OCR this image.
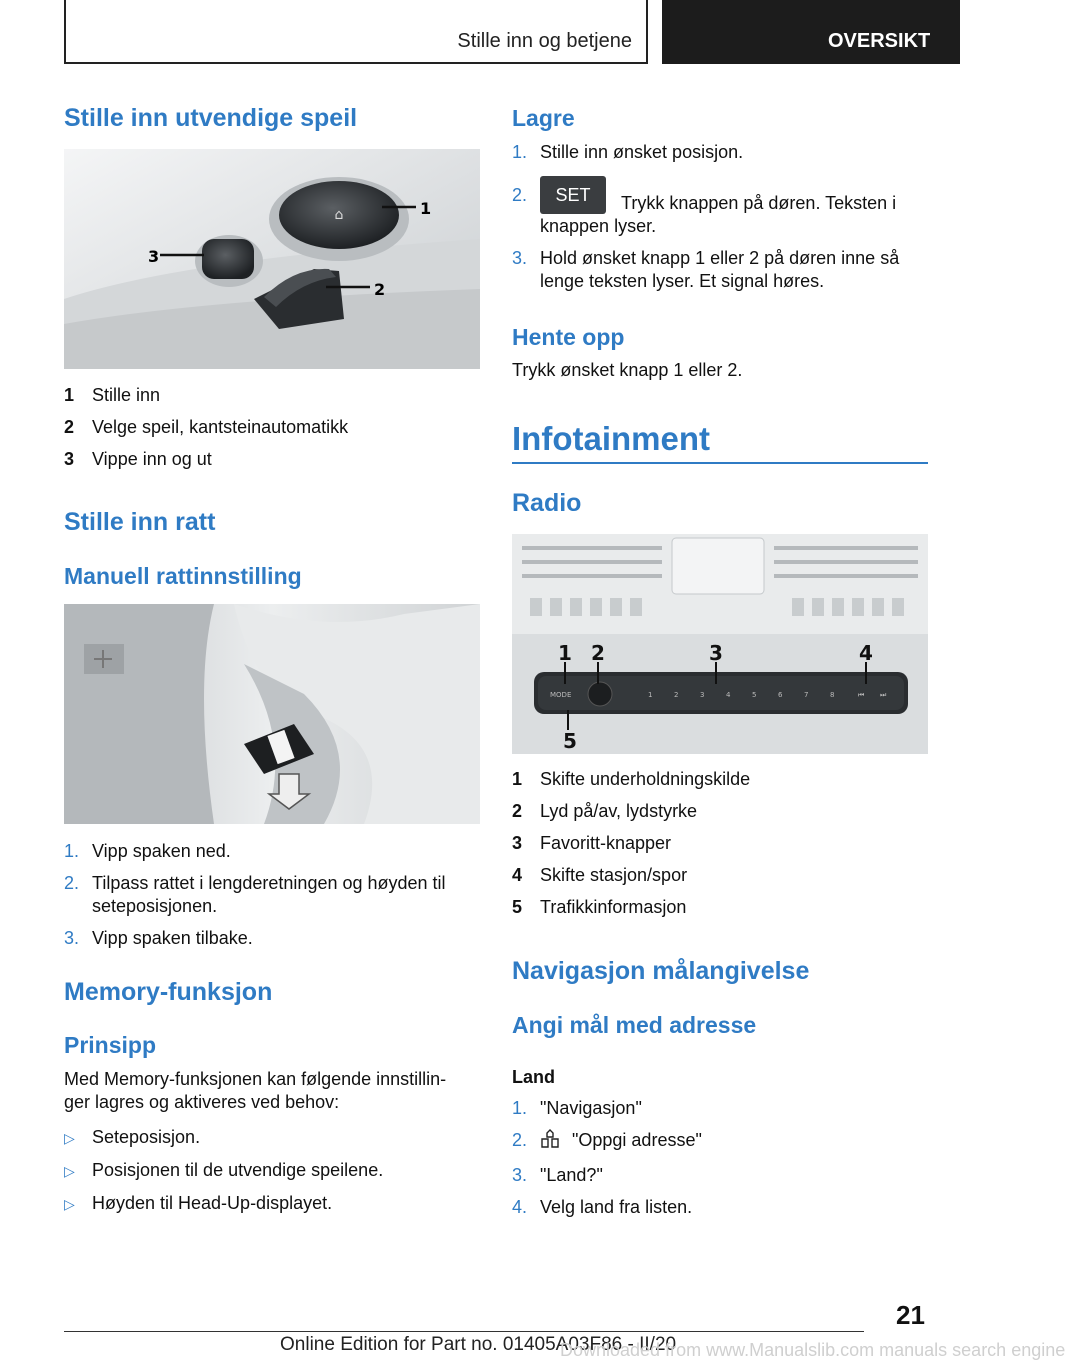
Stille inn og betjene	OVERSIKT
Stille inn utvendige speil
⌂	1
2
3
1 Stille inn
2 Velge speil, kantsteinautomatikk
3 Vippe inn og ut
Stille inn ratt
Manuell rattinnstilling
1. Vipp spaken ned.
2. Tilpass rattet i lengderetningen og høyden til
seteposisjonen.
3. Vipp spaken tilbake.
Memory-funksjon
Prinsipp
Med Memory-funksjonen kan følgende innstillin-
ger lagres og aktiveres ved behov:
▷ Seteposisjon.
▷ Posisjonen til de utvendige speilene.
▷ Høyden til Head-Up-displayet.
Lagre
1. Stille inn ønsket posisjon.
2. SET Trykk knappen på døren. Teksten i
knappen lyser.
3. Hold ønsket knapp 1 eller 2 på døren inne så
lenge teksten lyser. Et signal høres.
Hente opp
Trykk ønsket knapp 1 eller 2.
Infotainment
Radio
MODE	1	2	3	4	5	6	7	8	⏮ ⏭
1 2	3	4
5
1 Skifte underholdningskilde
2 Lyd på/av, lydstyrke
3 Favoritt-knapper
4 Skifte stasjon/spor
5 Trafikkinformasjon
Navigasjon målangivelse
Angi mål med adresse
Land
1. "Navigasjon"
2. "Oppgi adresse"
3. "Land?"
4. Velg land fra listen.
21
Online Edition for Part no. 01405A03F86 - II/20
Downloaded from www.Manualslib.com manuals search engine
